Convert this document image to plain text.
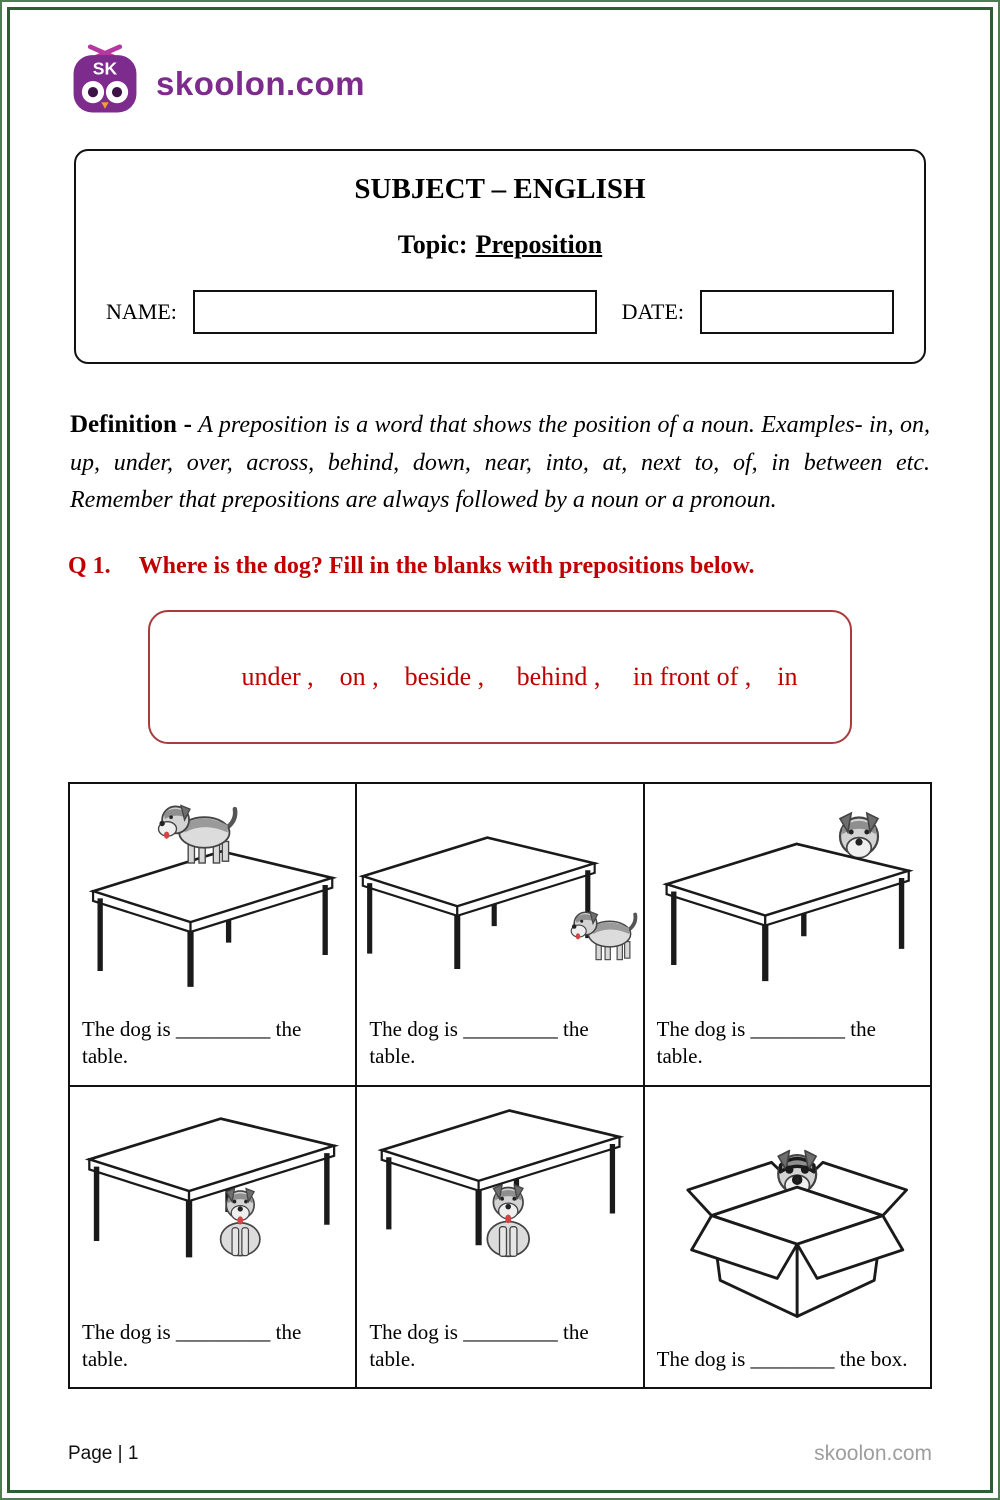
SK skoolon.com
SUBJECT – ENGLISH
Topic: Preposition
NAME:	DATE:

Definition - A preposition is a word that shows the position of a noun. Examples- in, on, up, under, over, across, behind, down, near, into, at, next to, of, in between etc. Remember that prepositions are always followed by a noun or a pronoun.

Q 1. Where is the dog? Fill in the blanks with prepositions below.

under ,    on ,    beside ,     behind ,     in front of ,    in

The dog is _________ the table.	The dog is _________ the table.	The dog is _________ the table.

The dog is _________ the table.	The dog is _________ the table.	The dog is ________ the box.
Page | 1	skoolon.com
